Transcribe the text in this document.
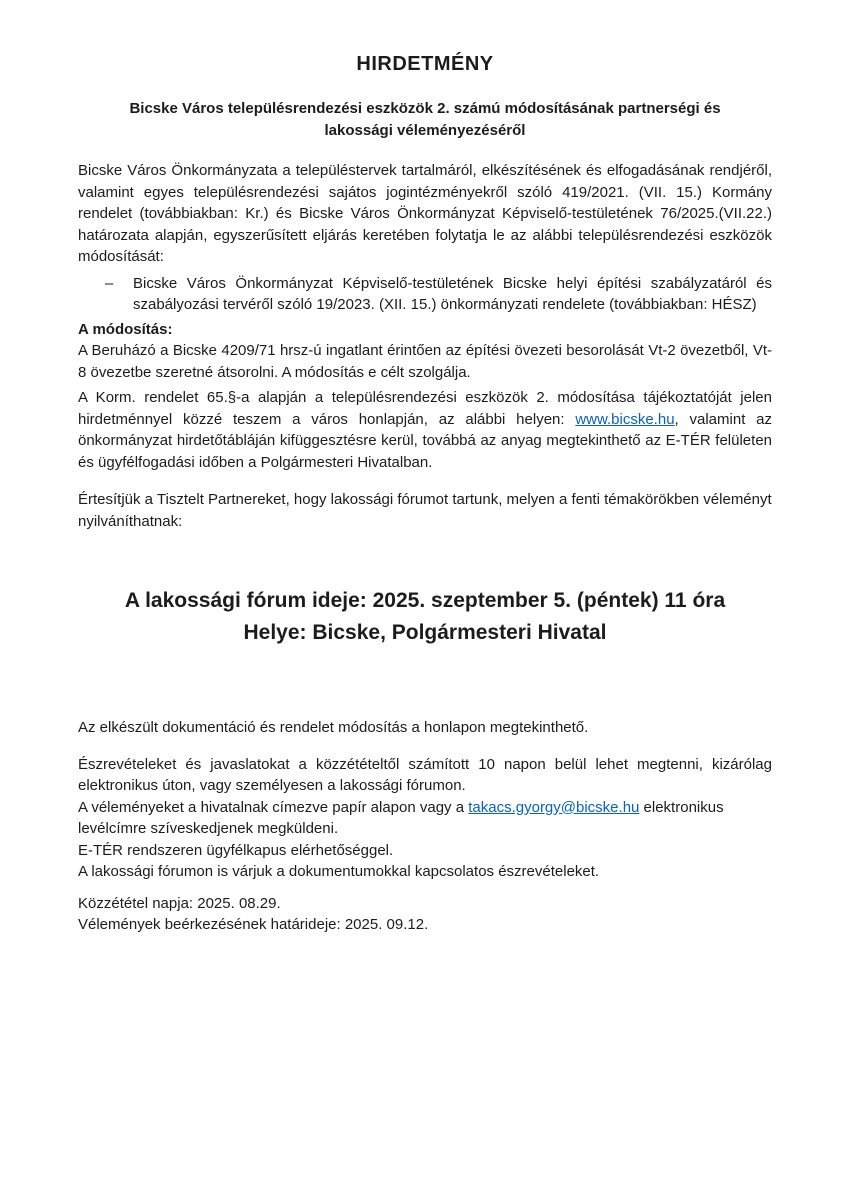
HIRDETMÉNY
Bicske Város településrendezési eszközök 2. számú módosításának partnerségi és lakossági véleményezéséről

Bicske Város Önkormányzata a településtervek tartalmáról, elkészítésének és elfogadásának rendjéről, valamint egyes településrendezési sajátos jogintézményekről szóló 419/2021. (VII. 15.) Kormány rendelet (továbbiakban: Kr.) és Bicske Város Önkormányzat Képviselő-testületének 76/2025.(VII.22.) határozata alapján, egyszerűsített eljárás keretében folytatja le az alábbi településrendezési eszközök módosítását:

–	Bicske Város Önkormányzat Képviselő-testületének Bicske helyi építési szabályzatáról és szabályozási tervéről szóló 19/2023. (XII. 15.) önkormányzati rendelete (továbbiakban: HÉSZ)

A módosítás:
A Beruházó a Bicske 4209/71 hrsz-ú ingatlant érintően az építési övezeti besorolását Vt-2 övezetből, Vt-8 övezetbe szeretné átsorolni. A módosítás e célt szolgálja.

A Korm. rendelet 65.§-a alapján a településrendezési eszközök 2. módosítása tájékoztatóját jelen hirdetménnyel közzé teszem a város honlapján, az alábbi helyen: www.bicske.hu, valamint az önkormányzat hirdetőtábláján kifüggesztésre kerül, továbbá az anyag megtekinthető az E-TÉR felületen és ügyfélfogadási időben a Polgármesteri Hivatalban.

Értesítjük a Tisztelt Partnereket, hogy lakossági fórumot tartunk, melyen a fenti témakörökben véleményt nyilváníthatnak:

A lakossági fórum ideje: 2025. szeptember 5. (péntek) 11 óra
Helye: Bicske, Polgármesteri Hivatal

Az elkészült dokumentáció és rendelet módosítás a honlapon megtekinthető.

Észrevételeket és javaslatokat a közzétételtől számított 10 napon belül lehet megtenni, kizárólag elektronikus úton, vagy személyesen a lakossági fórumon.

A véleményeket a hivatalnak címezve papír alapon vagy a takacs.gyorgy@bicske.hu elektronikus levélcímre szíveskedjenek megküldeni.

E-TÉR rendszeren ügyfélkapus elérhetőséggel.

A lakossági fórumon is várjuk a dokumentumokkal kapcsolatos észrevételeket.

Közzététel napja: 2025. 08.29.

Vélemények beérkezésének határideje: 2025. 09.12.
